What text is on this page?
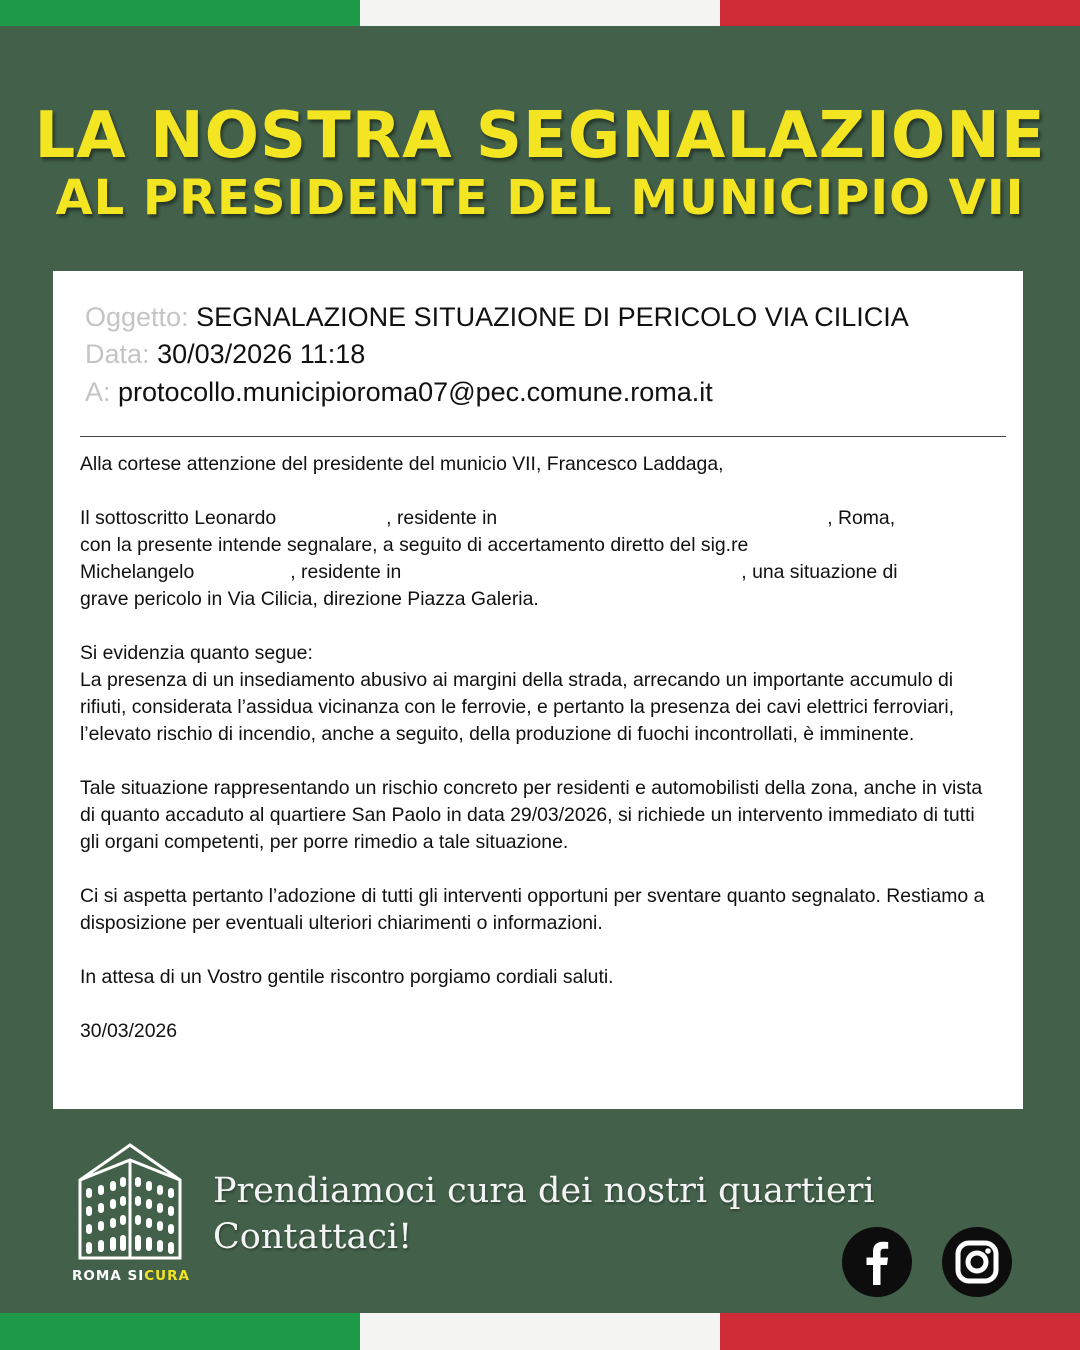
LA NOSTRA SEGNALAZIONE
AL PRESIDENTE DEL MUNICIPIO VII
Oggetto: SEGNALAZIONE SITUAZIONE DI PERICOLO VIA CILICIA
Data: 30/03/2026 11:18
A: protocollo.municipioroma07@pec.comune.roma.it

Alla cortese attenzione del presidente del municio VII, Francesco Laddaga,

Il sottoscritto Leonardo	, residente in	, Roma,
con la presente intende segnalare, a seguito di accertamento diretto del sig.re
Michelangelo	, residente in	, una situazione di
grave pericolo in Via Cilicia, direzione Piazza Galeria.

Si evidenzia quanto segue:
La presenza di un insediamento abusivo ai margini della strada, arrecando un importante accumulo di rifiuti, considerata l’assidua vicinanza con le ferrovie, e pertanto la presenza dei cavi elettrici ferroviari, l’elevato rischio di incendio, anche a seguito, della produzione di fuochi incontrollati, è imminente.

Tale situazione rappresentando un rischio concreto per residenti e automobilisti della zona, anche in vista di quanto accaduto al quartiere San Paolo in data 29/03/2026, si richiede un intervento immediato di tutti gli organi competenti, per porre rimedio a tale situazione.

Ci si aspetta pertanto l’adozione di tutti gli interventi opportuni per sventare quanto segnalato. Restiamo a disposizione per eventuali ulteriori chiarimenti o informazioni.

In attesa di un Vostro gentile riscontro porgiamo cordiali saluti.

30/03/2026

ROMA SICURA
Prendiamoci cura dei nostri quartieri
Contattaci!
